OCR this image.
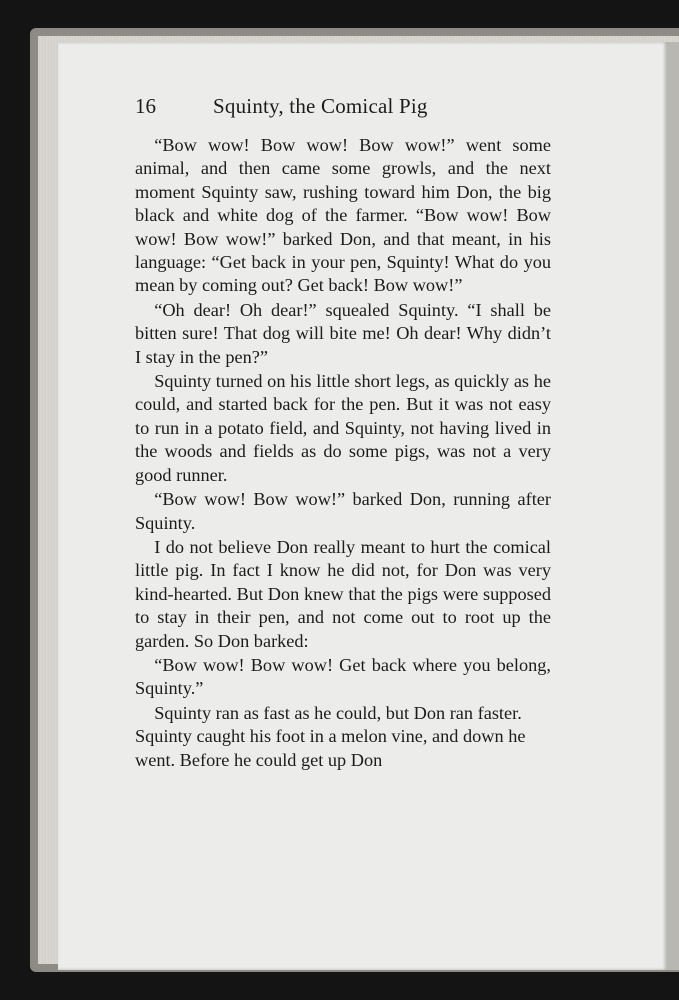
16	Squinty, the Comical Pig

“Bow wow! Bow wow! Bow wow!” went some animal, and then came some growls, and the next moment Squinty saw, rushing toward him Don, the big black and white dog of the farmer. “Bow wow! Bow wow! Bow wow!” barked Don, and that meant, in his language: “Get back in your pen, Squinty! What do you mean by coming out? Get back! Bow wow!”

“Oh dear! Oh dear!” squealed Squinty. “I shall be bitten sure! That dog will bite me! Oh dear! Why didn’t I stay in the pen?”

Squinty turned on his little short legs, as quickly as he could, and started back for the pen. But it was not easy to run in a potato field, and Squinty, not having lived in the woods and fields as do some pigs, was not a very good runner.

“Bow wow! Bow wow!” barked Don, running after Squinty.

I do not believe Don really meant to hurt the comical little pig. In fact I know he did not, for Don was very kind-hearted. But Don knew that the pigs were supposed to stay in their pen, and not come out to root up the garden. So Don barked:

“Bow wow! Bow wow! Get back where you belong, Squinty.”

Squinty ran as fast as he could, but Don ran faster. Squinty caught his foot in a melon vine, and down he went. Before he could get up Don
